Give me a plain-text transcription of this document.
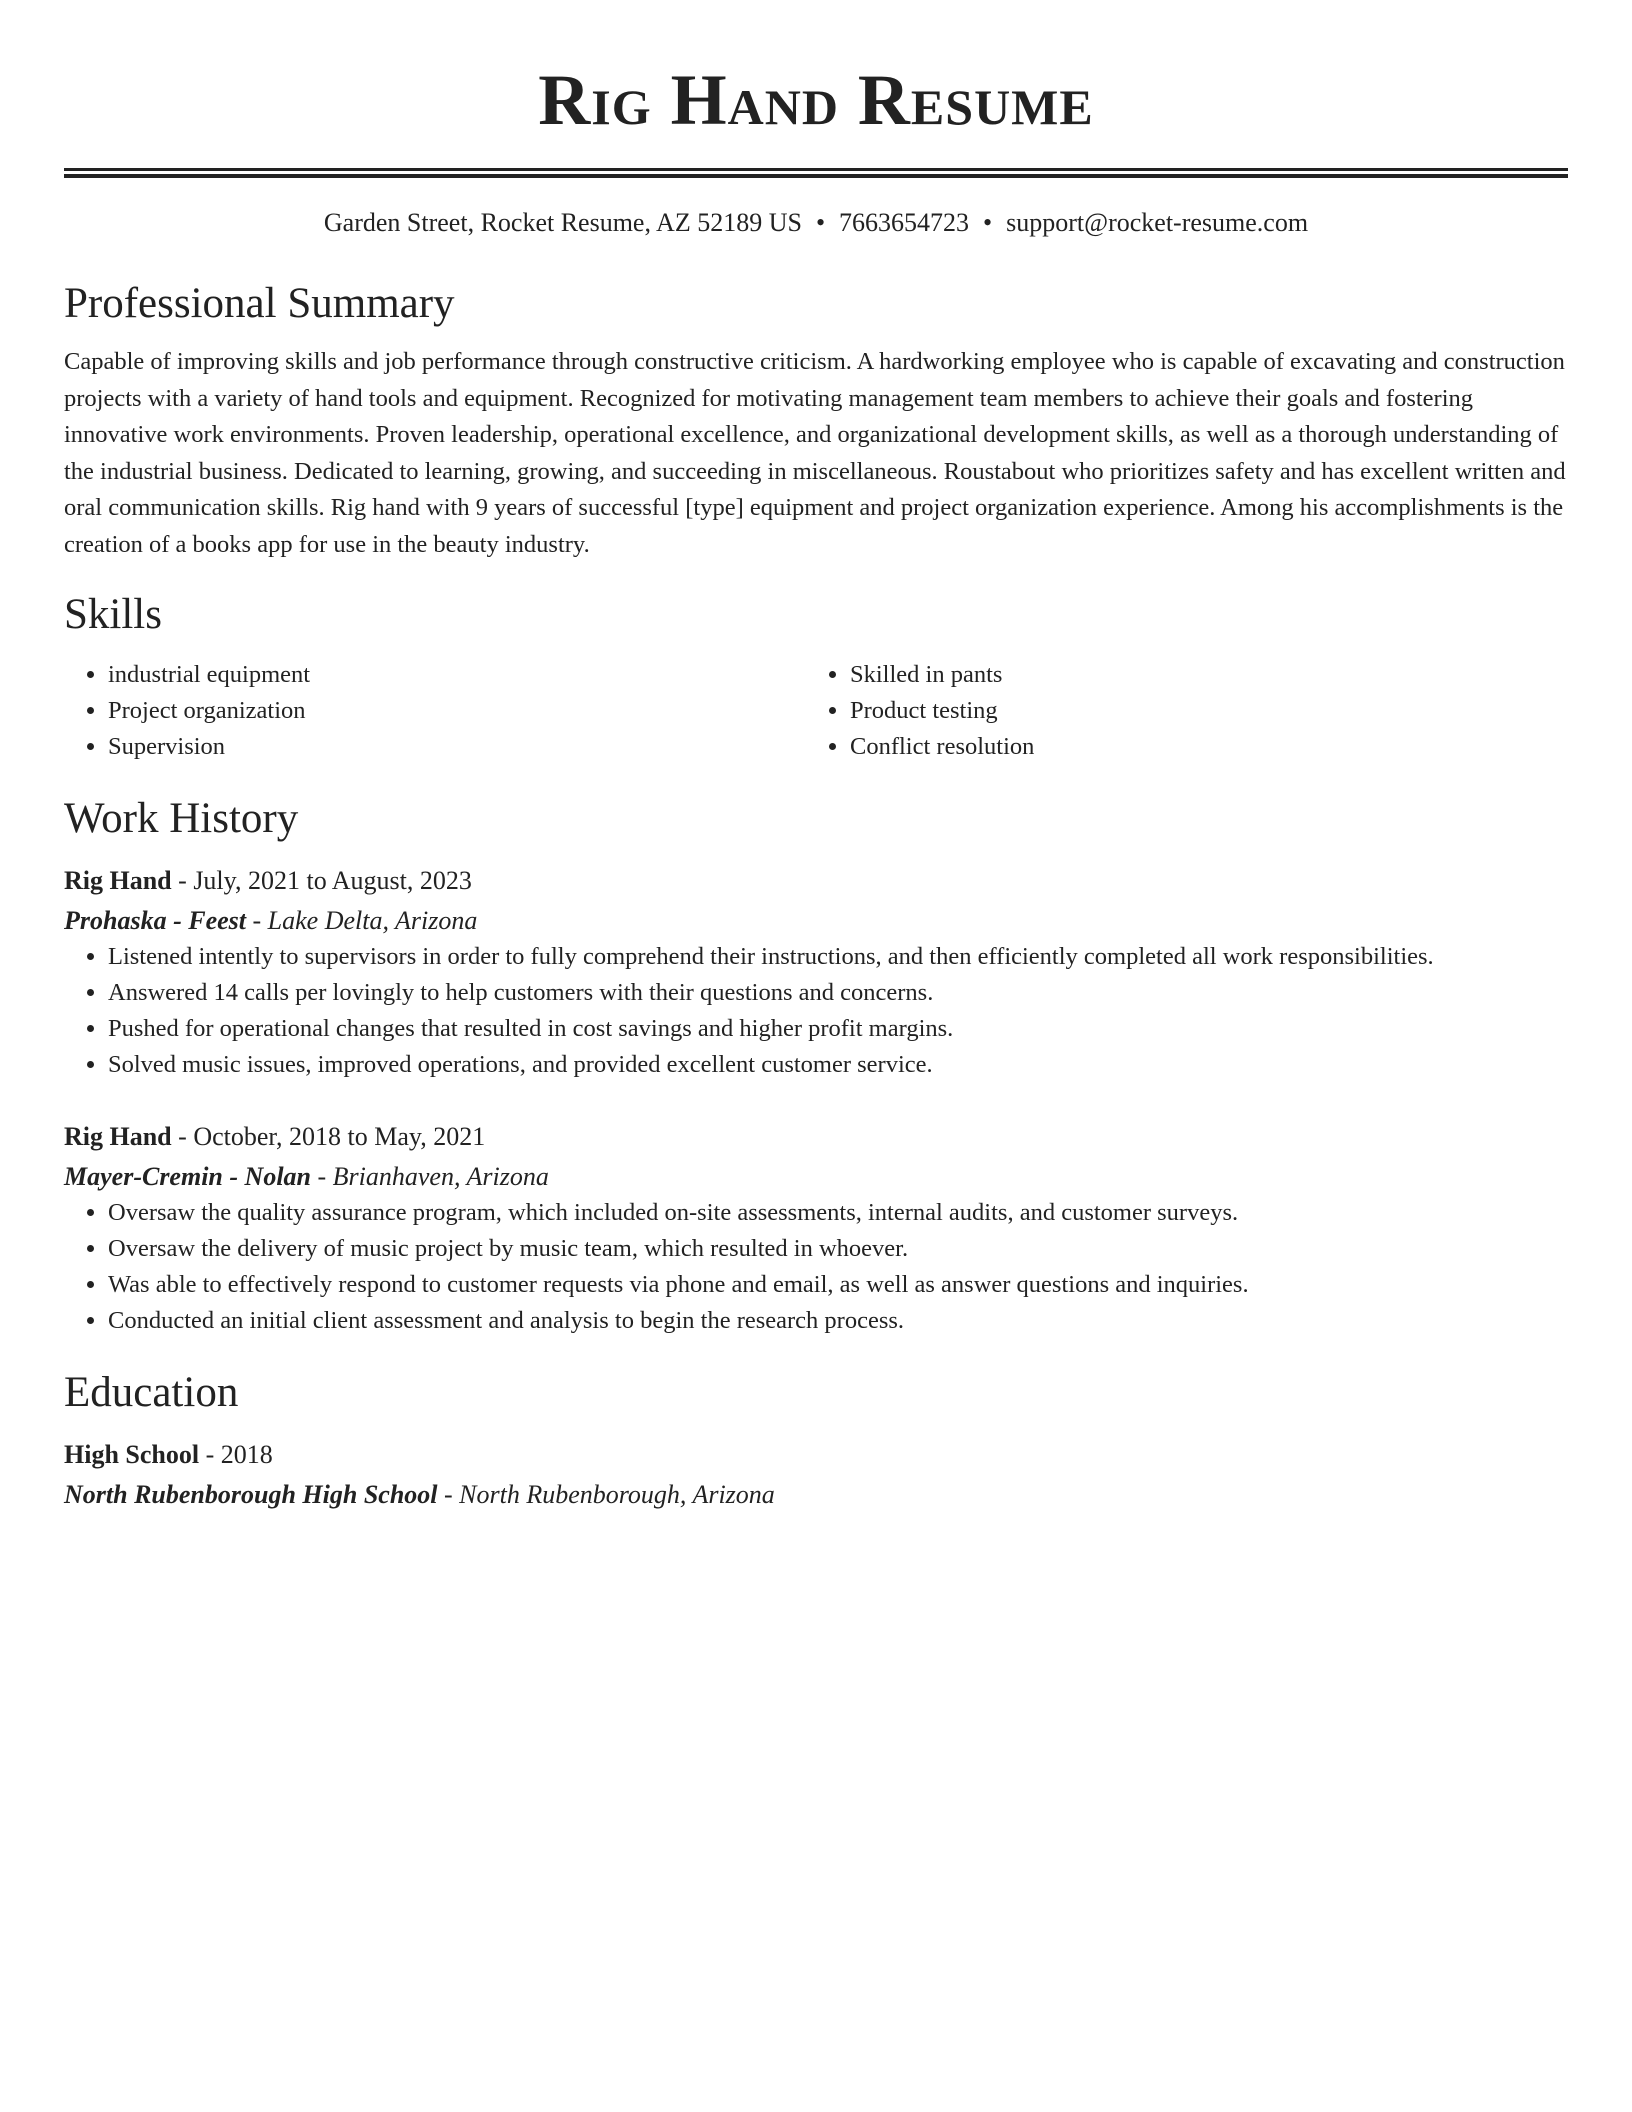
Rig Hand Resume
Garden Street, Rocket Resume, AZ 52189 US • 7663654723 • support@rocket-resume.com
Professional Summary

Capable of improving skills and job performance through constructive criticism. A hardworking employee who is capable of excavating and construction projects with a variety of hand tools and equipment. Recognized for motivating management team members to achieve their goals and fostering innovative work environments. Proven leadership, operational excellence, and organizational development skills, as well as a thorough understanding of the industrial business. Dedicated to learning, growing, and succeeding in miscellaneous. Roustabout who prioritizes safety and has excellent written and oral communication skills. Rig hand with 9 years of successful [type] equipment and project organization experience. Among his accomplishments is the creation of a books app for use in the beauty industry.

Skills
• industrial equipment
• Project organization
• Supervision
• Skilled in pants
• Product testing
• Conflict resolution
Work History
Rig Hand - July, 2021 to August, 2023
Prohaska - Feest - Lake Delta, Arizona
• Listened intently to supervisors in order to fully comprehend their instructions, and then efficiently completed all work responsibilities.
• Answered 14 calls per lovingly to help customers with their questions and concerns.
• Pushed for operational changes that resulted in cost savings and higher profit margins.
• Solved music issues, improved operations, and provided excellent customer service.
Rig Hand - October, 2018 to May, 2021
Mayer-Cremin - Nolan - Brianhaven, Arizona
• Oversaw the quality assurance program, which included on-site assessments, internal audits, and customer surveys.
• Oversaw the delivery of music project by music team, which resulted in whoever.
• Was able to effectively respond to customer requests via phone and email, as well as answer questions and inquiries.
• Conducted an initial client assessment and analysis to begin the research process.
Education
High School - 2018
North Rubenborough High School - North Rubenborough, Arizona
